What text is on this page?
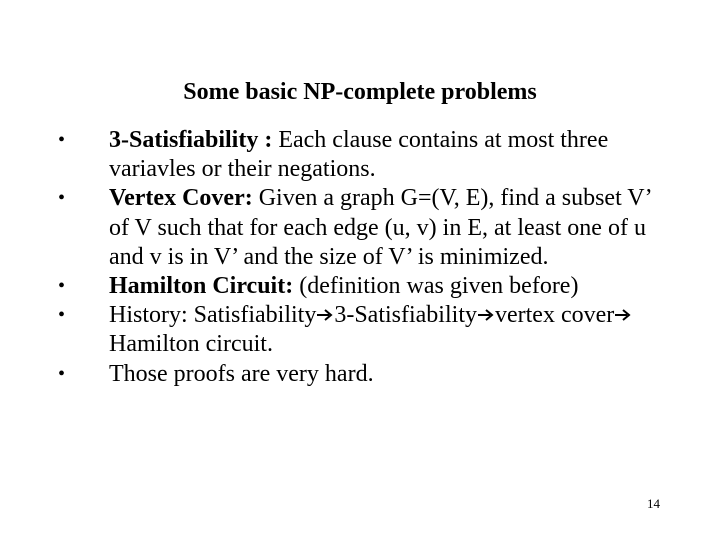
Some basic NP-complete problems
• 3-Satisfiability : Each clause contains at most three variavles or their negations.
• Vertex Cover: Given a graph G=(V, E), find a subset V’ of V such that for each edge (u, v) in E, at least one of u and v is in V’ and the size of V’ is minimized.
• Hamilton Circuit: (definition was given before)
• History: Satisfiability 3-Satisfiability vertex coverHamilton circuit.
• Those proofs are very hard.
14
